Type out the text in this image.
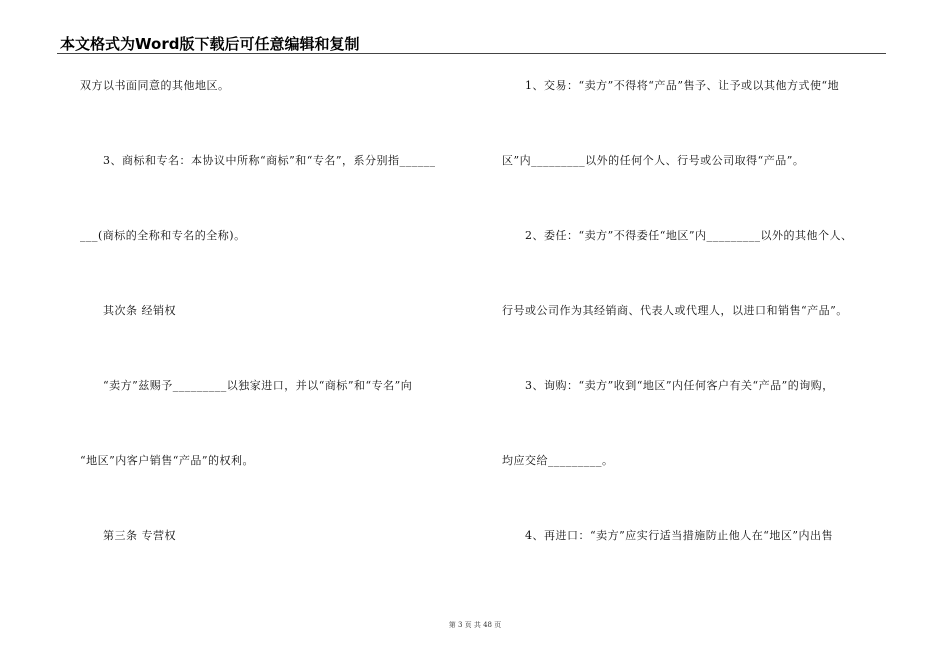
本文格式为Word版下载后可任意编辑和复制
双方以书面同意的其他地区。
3、商标和专名：本协议中所称“商标”和“专名”，系分别指______
___(商标的全称和专名的全称)。
其次条 经销权
“卖方”兹赐予_________以独家进口，并以“商标”和“专名”向
“地区”内客户销售“产品”的权利。
第三条 专营权
1、交易：“卖方”不得将“产品”售予、让予或以其他方式使“地
区”内_________以外的任何个人、行号或公司取得“产品”。
2、委任：“卖方”不得委任“地区”内_________以外的其他个人、
行号或公司作为其经销商、代表人或代理人，以进口和销售“产品”。
3、询购：“卖方”收到“地区”内任何客户有关“产品”的询购，
均应交给_________。
4、再进口：“卖方”应实行适当措施防止他人在“地区”内出售
第 3 页 共 48 页
